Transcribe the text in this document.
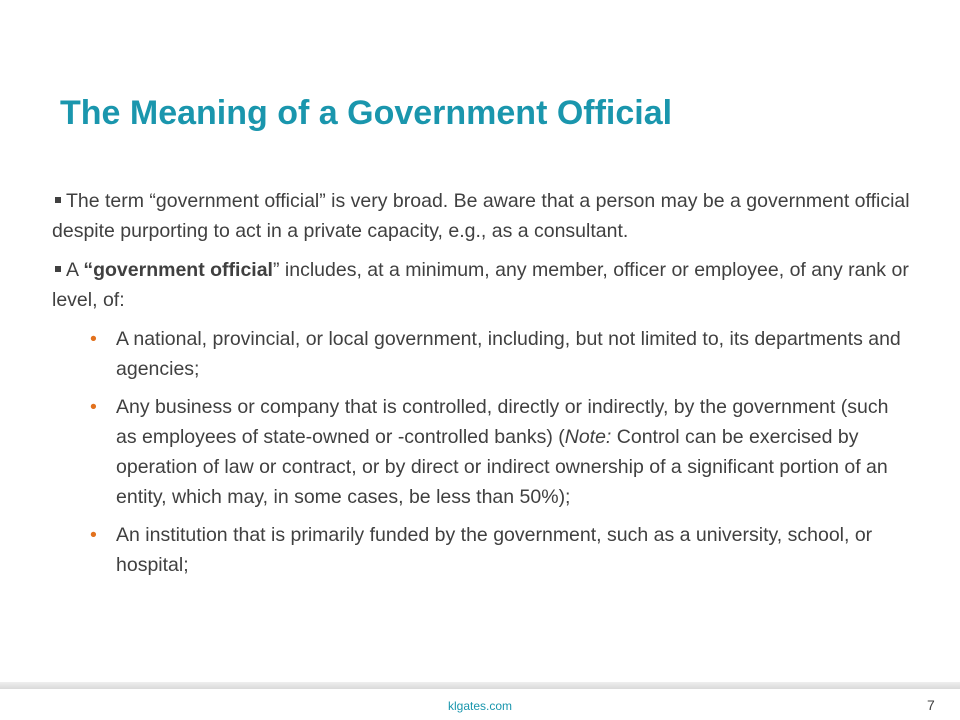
The Meaning of a Government Official
The term “government official” is very broad. Be aware that a person may be a government official despite purporting to act in a private capacity, e.g., as a consultant.
A “government official” includes, at a minimum, any member, officer or employee, of any rank or level, of:
• A national, provincial, or local government, including, but not limited to, its departments and agencies;
• Any business or company that is controlled, directly or indirectly, by the government (such as employees of state-owned or -controlled banks) (Note: Control can be exercised by operation of law or contract, or by direct or indirect ownership of a significant portion of an entity, which may, in some cases, be less than 50%);
• An institution that is primarily funded by the government, such as a university, school, or hospital;
klgates.com	7
